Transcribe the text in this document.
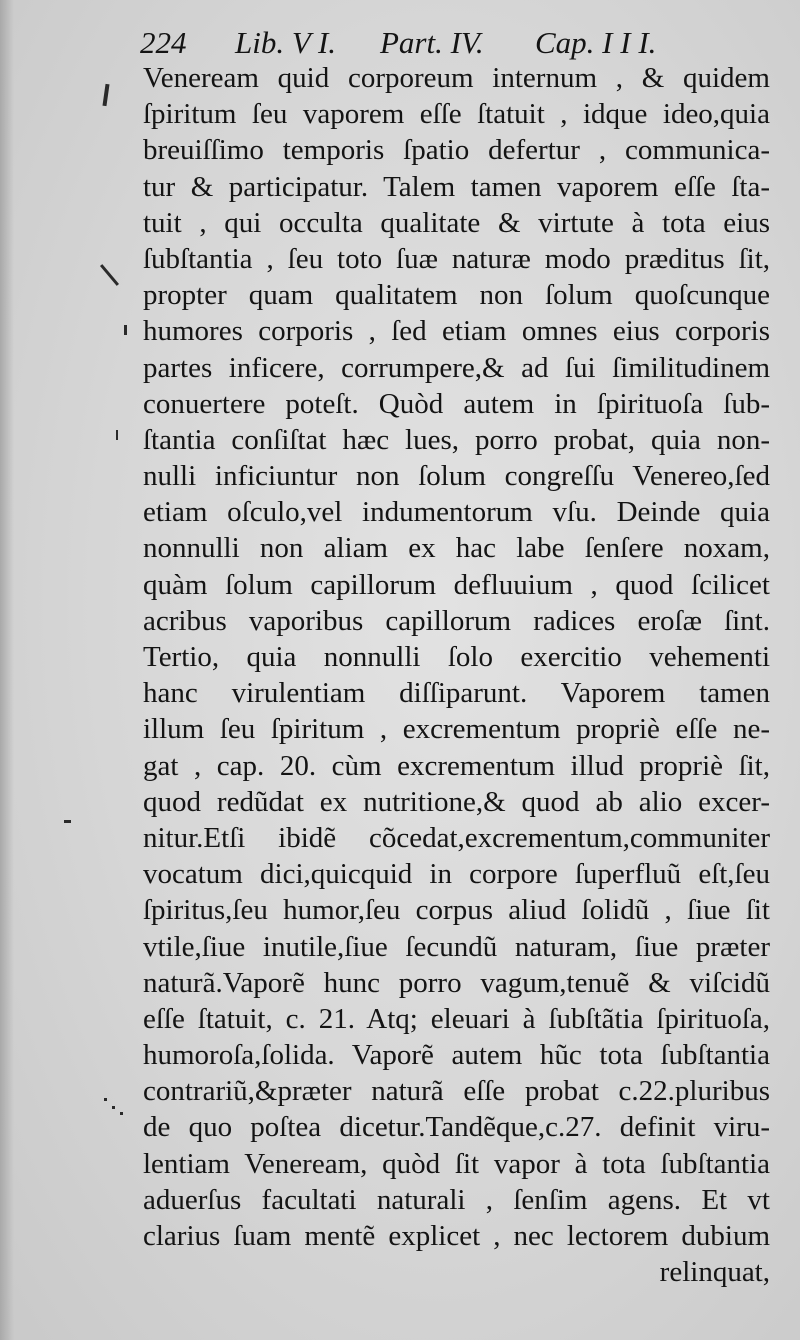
224 Lib. V I. Part. IV. Cap. I I I.
Veneream quid corporeum internum , & quidem
ſpiritum ſeu vaporem eſſe ſtatuit , idque ideo,quia
breuiſſimo temporis ſpatio defertur , communica-
tur & participatur. Talem tamen vaporem eſſe ſta-
tuit , qui occulta qualitate & virtute à tota eius
ſubſtantia , ſeu toto ſuæ naturæ modo præditus ſit,
propter quam qualitatem non ſolum quoſcunque
humores corporis , ſed etiam omnes eius corporis
partes inficere, corrumpere,& ad ſui ſimilitudinem
conuertere poteſt. Quòd autem in ſpirituoſa ſub-
ſtantia conſiſtat hæc lues, porro probat, quia non-
nulli inficiuntur non ſolum congreſſu Venereo,ſed
etiam oſculo,vel indumentorum vſu. Deinde quia
nonnulli non aliam ex hac labe ſenſere noxam,
quàm ſolum capillorum defluuium , quod ſcilicet
acribus vaporibus capillorum radices eroſæ ſint.
Tertio, quia nonnulli ſolo exercitio vehementi
hanc virulentiam diſſiparunt. Vaporem tamen
illum ſeu ſpiritum , excrementum propriè eſſe ne-
gat , cap. 20. cùm excrementum illud propriè ſit,
quod redũdat ex nutritione,& quod ab alio excer-
nitur.Etſi ibidẽ cõcedat,excrementum,communiter
vocatum dici,quicquid in corpore ſuperfluũ eſt,ſeu
ſpiritus,ſeu humor,ſeu corpus aliud ſolidũ , ſiue ſit
vtile,ſiue inutile,ſiue ſecundũ naturam, ſiue præter
naturã.Vaporẽ hunc porro vagum,tenuẽ & viſcidũ
eſſe ſtatuit, c. 21. Atq; eleuari à ſubſtãtia ſpirituoſa,
humoroſa,ſolida. Vaporẽ autem hũc tota ſubſtantia
contrariũ,&præter naturã eſſe probat c.22.pluribus
de quo poſtea dicetur.Tandẽque,c.27. definit viru-
lentiam Veneream, quòd ſit vapor à tota ſubſtantia
aduerſus facultati naturali , ſenſim agens. Et vt
clarius ſuam mentẽ explicet , nec lectorem dubium
relinquat,
